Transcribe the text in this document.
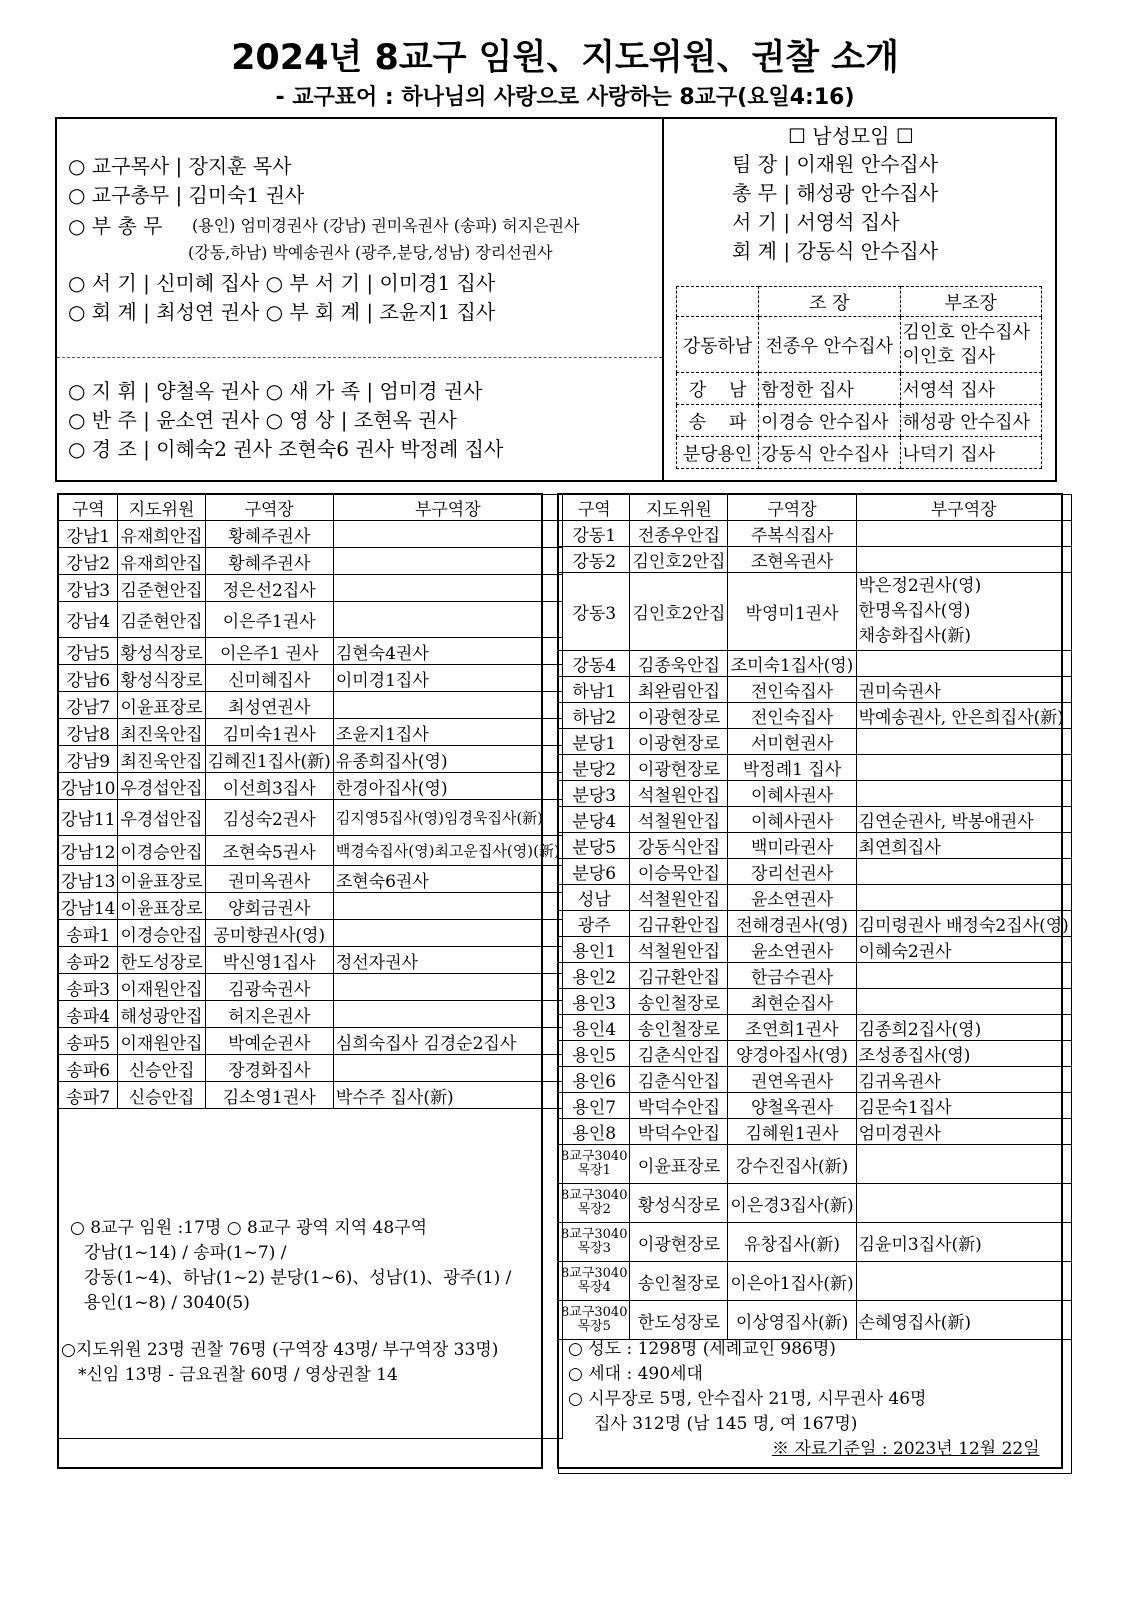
2024년 8교구 임원、지도위원、권찰 소개
- 교구표어 : 하나님의 사랑으로 사랑하는 8교구(요일4:16)
○ 교구목사 | 장지훈 목사
○ 교구총무 | 김미숙1 권사
○ 부 총 무 (용인) 엄미경권사 (강남) 권미옥권사 (송파) 허지은권사
(강동,하남) 박예송권사 (광주,분당,성남) 장리선권사
○ 서 기 | 신미혜 집사 ○ 부 서 기 | 이미경1 집사
○ 회 계 | 최성연 권사 ○ 부 회 계 | 조윤지1 집사
○ 지 휘 | 양철옥 권사 ○ 새 가 족 | 엄미경 권사
○ 반 주 | 윤소연 권사 ○ 영 상 | 조현옥 권사
○ 경 조 | 이혜숙2 권사 조현숙6 권사 박정례 집사
☐ 남성모임 ☐
팀 장 | 이재원 안수집사
총 무 | 해성광 안수집사
서 기 | 서영석 집사
회 계 | 강동식 안수집사
	조 장	부조장
강동하남	전종우 안수집사	김인호 안수집사
이인호 집사

강    남	함정한 집사	서영석 집사
송    파	이경승 안수집사	해성광 안수집사
분당용인	강동식 안수집사	나덕기 집사
구역	지도위원	구역장	부구역장
강남1	유재희안집	황혜주권사	
강남2	유재희안집	황혜주권사	
강남3	김준현안집	정은선2집사	
강남4	김준현안집	이은주1권사	
강남5	황성식장로	이은주1 권사	김현숙4권사
강남6	황성식장로	신미혜집사	이미경1집사
강남7	이윤표장로	최성연권사	
강남8	최진욱안집	김미숙1권사	조윤지1집사
강남9	최진욱안집	김혜진1집사(新)	유종희집사(영)
강남10	우경섭안집	이선희3집사	한경아집사(영)
강남11	우경섭안집	김성숙2권사	김지영5집사(영)임경욱집사(新)
강남12	이경승안집	조현숙5권사	백경숙집사(영)최고운집사(영)(新)
강남13	이윤표장로	권미옥권사	조현숙6권사
강남14	이윤표장로	양회금권사	
송파1	이경승안집	공미향권사(영)	
송파2	한도성장로	박신영1집사	정선자권사
송파3	이재원안집	김광숙권사	
송파4	해성광안집	허지은권사	
송파5	이재원안집	박예순권사	심희숙집사 김경순2집사
송파6	신승안집	장경화집사	
송파7	신승안집	김소영1권사	박수주 집사(新)

○ 8교구 임원 :17명 ○ 8교구 광역 지역 48구역
강남(1~14) / 송파(1~7) /
강동(1~4)、하남(1~2) 분당(1~6)、성남(1)、광주(1) /
용인(1~8) / 3040(5)
○지도위원 23명 권찰 76명 (구역장 43명/ 부구역장 33명)
*신임 13명 - 금요권찰 60명 / 영상권찰 14
구역	지도위원	구역장	부구역장
강동1	전종우안집	주복식집사	
강동2	김인호2안집	조현옥권사	
강동3	김인호2안집	박영미1권사	박은정2권사(영)
한명옥집사(영)
채송화집사(新)

강동4	김종욱안집	조미숙1집사(영)	
하남1	최완림안집	전인숙집사	권미숙권사
하남2	이광현장로	전인숙집사	박예송권사, 안은희집사(新)
분당1	이광현장로	서미현권사	
분당2	이광현장로	박정례1 집사	
분당3	석철원안집	이혜사권사	
분당4	석철원안집	이혜사권사	김연순권사, 박봉애권사
분당5	강동식안집	백미라권사	최연희집사
분당6	이승묵안집	장리선권사	
성남	석철원안집	윤소연권사	
광주	김규환안집	전해경권사(영)	김미령권사 배정숙2집사(영)
용인1	석철원안집	윤소연권사	이혜숙2권사
용인2	김규환안집	한금수권사	
용인3	송인철장로	최현순집사	
용인4	송인철장로	조연희1권사	김종희2집사(영)
용인5	김춘식안집	양경아집사(영)	조성종집사(영)
용인6	김춘식안집	권연옥권사	김귀옥권사
용인7	박덕수안집	양철옥권사	김문숙1집사
용인8	박덕수안집	김혜원1권사	엄미경권사

8교구3040
목장1	이윤표장로	강수진집사(新)	

8교구3040
목장2	황성식장로	이은경3집사(新)	

8교구3040
목장3	이광현장로	유창집사(新)	김윤미3집사(新)

8교구3040
목장4	송인철장로	이은아1집사(新)	

8교구3040
목장5	한도성장로	이상영집사(新)	손혜영집사(新)

○ 성도 : 1298명 (세례교인 986명)
○ 세대 : 490세대
○ 시무장로 5명, 안수집사 21명, 시무권사 46명
집사 312명 (남 145 명, 여 167명)
※ 자료기준일 : 2023년 12월 22일
